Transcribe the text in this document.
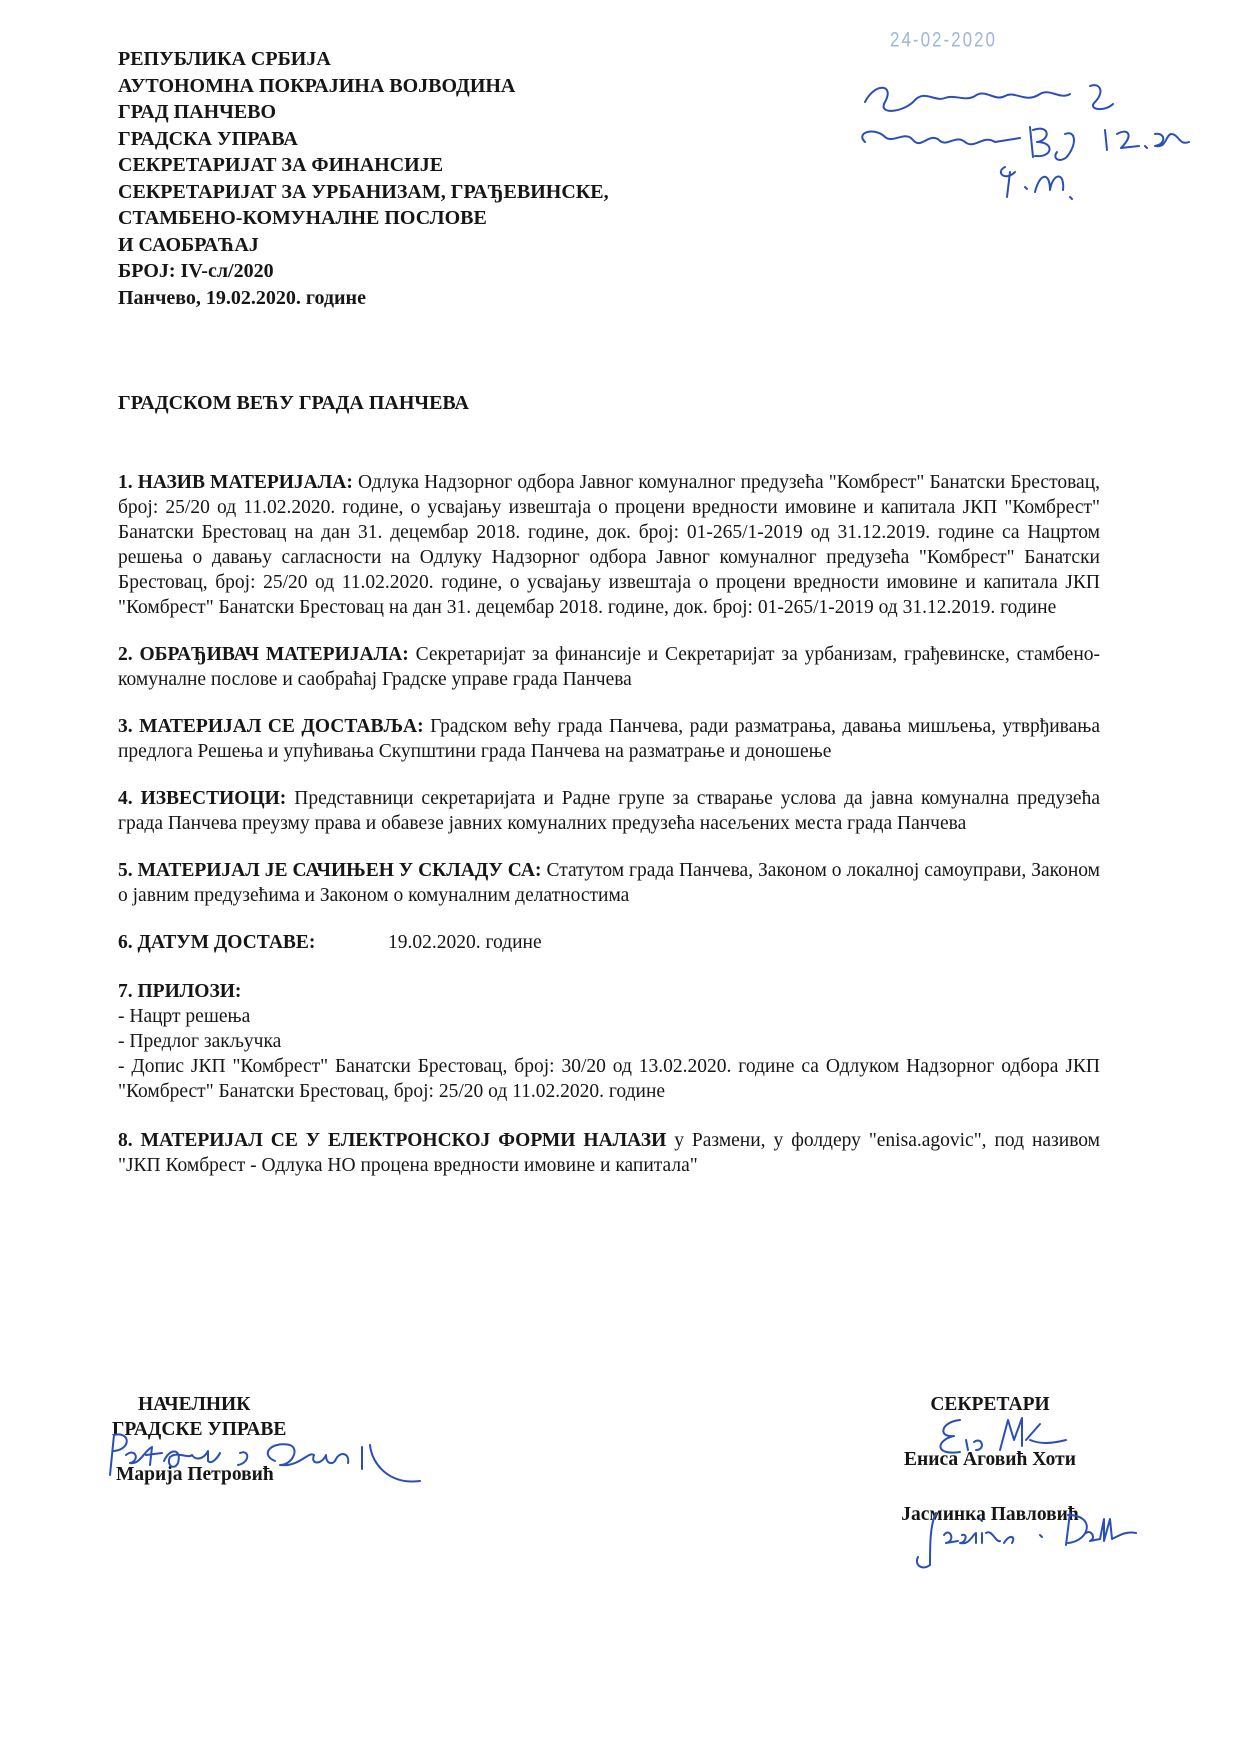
РЕПУБЛИКА СРБИЈА
АУТОНОМНА ПОКРАЈИНА ВОЈВОДИНА
ГРАД ПАНЧЕВО
ГРАДСКА УПРАВА
СЕКРЕТАРИЈАТ ЗА ФИНАНСИЈЕ
СЕКРЕТАРИЈАТ ЗА УРБАНИЗАМ, ГРАЂЕВИНСКЕ,
СТАМБЕНО-КОМУНАЛНЕ ПОСЛОВЕ
И САОБРАЋАЈ
БРОЈ: IV-сл/2020
Панчево, 19.02.2020. године
24-02-2020
ГРАДСКОМ ВЕЋУ ГРАДА ПАНЧЕВА
1. НАЗИВ МАТЕРИЈАЛА: Одлука Надзорног одбора Јавног комуналног предузећа "Комбрест" Банатски Брестовац, број: 25/20 од 11.02.2020. године, о усвајању извештаја о процени вредности имовине и капитала ЈКП "Комбрест" Банатски Брестовац на дан 31. децембар 2018. године, док. број: 01-265/1-2019 од 31.12.2019. године са Нацртом решења о давању сагласности на Одлуку Надзорног одбора Јавног комуналног предузећа "Комбрест" Банатски Брестовац, број: 25/20 од 11.02.2020. године, о усвајању извештаја о процени вредности имовине и капитала ЈКП "Комбрест" Банатски Брестовац на дан 31. децембар 2018. године, док. број: 01-265/1-2019 од 31.12.2019. године
2. ОБРАЂИВАЧ МАТЕРИЈАЛА: Секретаријат за финансије и Секретаријат за урбанизам, грађевинске, стамбено-комуналне послове и саобраћај Градске управе града Панчева
3. МАТЕРИЈАЛ СЕ ДОСТАВЉА: Градском већу града Панчева, ради разматрања, давања мишљења, утврђивања предлога Решења и упућивања Скупштини града Панчева на разматрање и доношење
4. ИЗВЕСТИОЦИ: Представници секретаријата и Радне групе за стварање услова да јавна комунална предузећа града Панчева преузму права и обавезе јавних комуналних предузећа насељених места града Панчева
5. МАТЕРИЈАЛ ЈЕ САЧИЊЕН У СКЛАДУ СА: Статутом града Панчева, Законом о локалној самоуправи, Законом о јавним предузећима и Законом о комуналним делатностима
6. ДАТУМ ДОСТАВЕ:	19.02.2020. године
7. ПРИЛОЗИ:
- Нацрт решења
- Предлог закључка
- Допис ЈКП "Комбрест" Банатски Брестовац, број: 30/20 од 13.02.2020. године са Одлуком Надзорног одбора ЈКП "Комбрест" Банатски Брестовац, број: 25/20 од 11.02.2020. године
8. МАТЕРИЈАЛ СЕ У ЕЛЕКТРОНСКОЈ ФОРМИ НАЛАЗИ у Размени, у фолдеру "enisa.agovic", под називом "ЈКП Комбрест - Одлука НО процена вредности имовине и капитала"
НАЧЕЛНИК
ГРАДСКЕ УПРАВЕ
Марија Петровић
СЕКРЕТАРИ
Ениса Аговић Хоти
Јасминка Павловић
